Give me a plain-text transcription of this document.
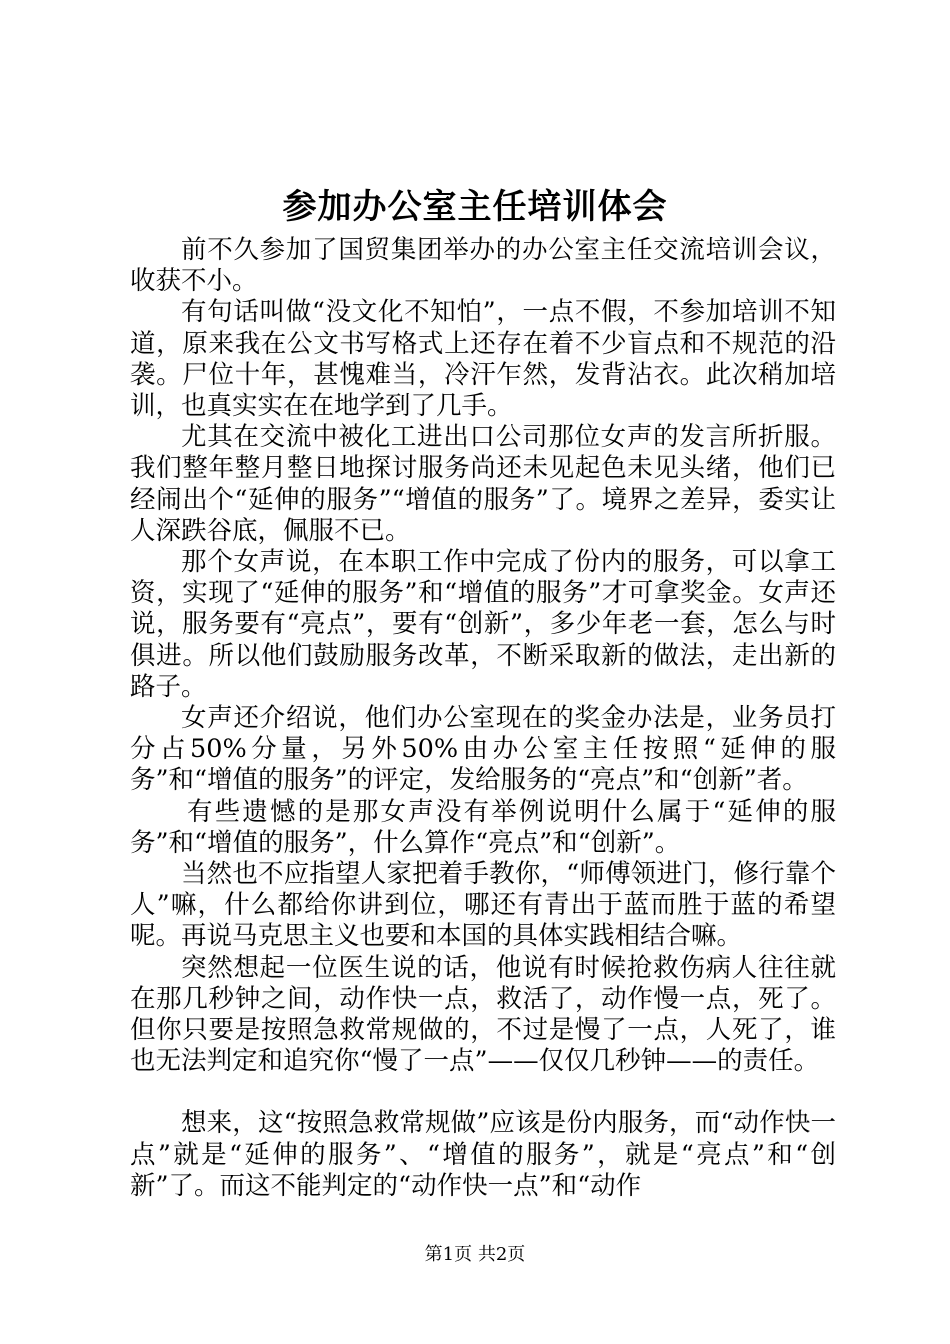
参加办公室主任培训体会

前不久参加了国贸集团举办的办公室主任交流培训会议，收获不小。

有句话叫做“没文化不知怕”，一点不假，不参加培训不知道，原来我在公文书写格式上还存在着不少盲点和不规范的沿袭。尸位十年，甚愧难当，冷汗乍然，发背沾衣。此次稍加培训，也真实实在在地学到了几手。

尤其在交流中被化工进出口公司那位女声的发言所折服。我们整年整月整日地探讨服务尚还未见起色未见头绪，他们已经闹出个“延伸的服务”“增值的服务”了。境界之差异，委实让人深跌谷底，佩服不已。

那个女声说，在本职工作中完成了份内的服务，可以拿工资，实现了“延伸的服务”和“增值的服务”才可拿奖金。女声还说，服务要有“亮点”，要有“创新”，多少年老一套，怎么与时俱进。所以他们鼓励服务改革，不断采取新的做法，走出新的路子。

女声还介绍说，他们办公室现在的奖金办法是，业务员打分占50%分量，另外50%由办公室主任按照“延伸的服务”和“增值的服务”的评定，发给服务的“亮点”和“创新”者。

有些遗憾的是那女声没有举例说明什么属于“延伸的服务”和“增值的服务”，什么算作“亮点”和“创新”。

当然也不应指望人家把着手教你，“师傅领进门，修行靠个人”嘛，什么都给你讲到位，哪还有青出于蓝而胜于蓝的希望呢。再说马克思主义也要和本国的具体实践相结合嘛。

突然想起一位医生说的话，他说有时候抢救伤病人往往就在那几秒钟之间，动作快一点，救活了，动作慢一点，死了。但你只要是按照急救常规做的，不过是慢了一点，人死了，谁也无法判定和追究你“慢了一点”——仅仅几秒钟——的责任。

想来，这“按照急救常规做”应该是份内服务，而“动作快一点”就是“延伸的服务”、“增值的服务”，就是“亮点”和“创新”了。而这不能判定的“动作快一点”和“动作

第1页 共2页
